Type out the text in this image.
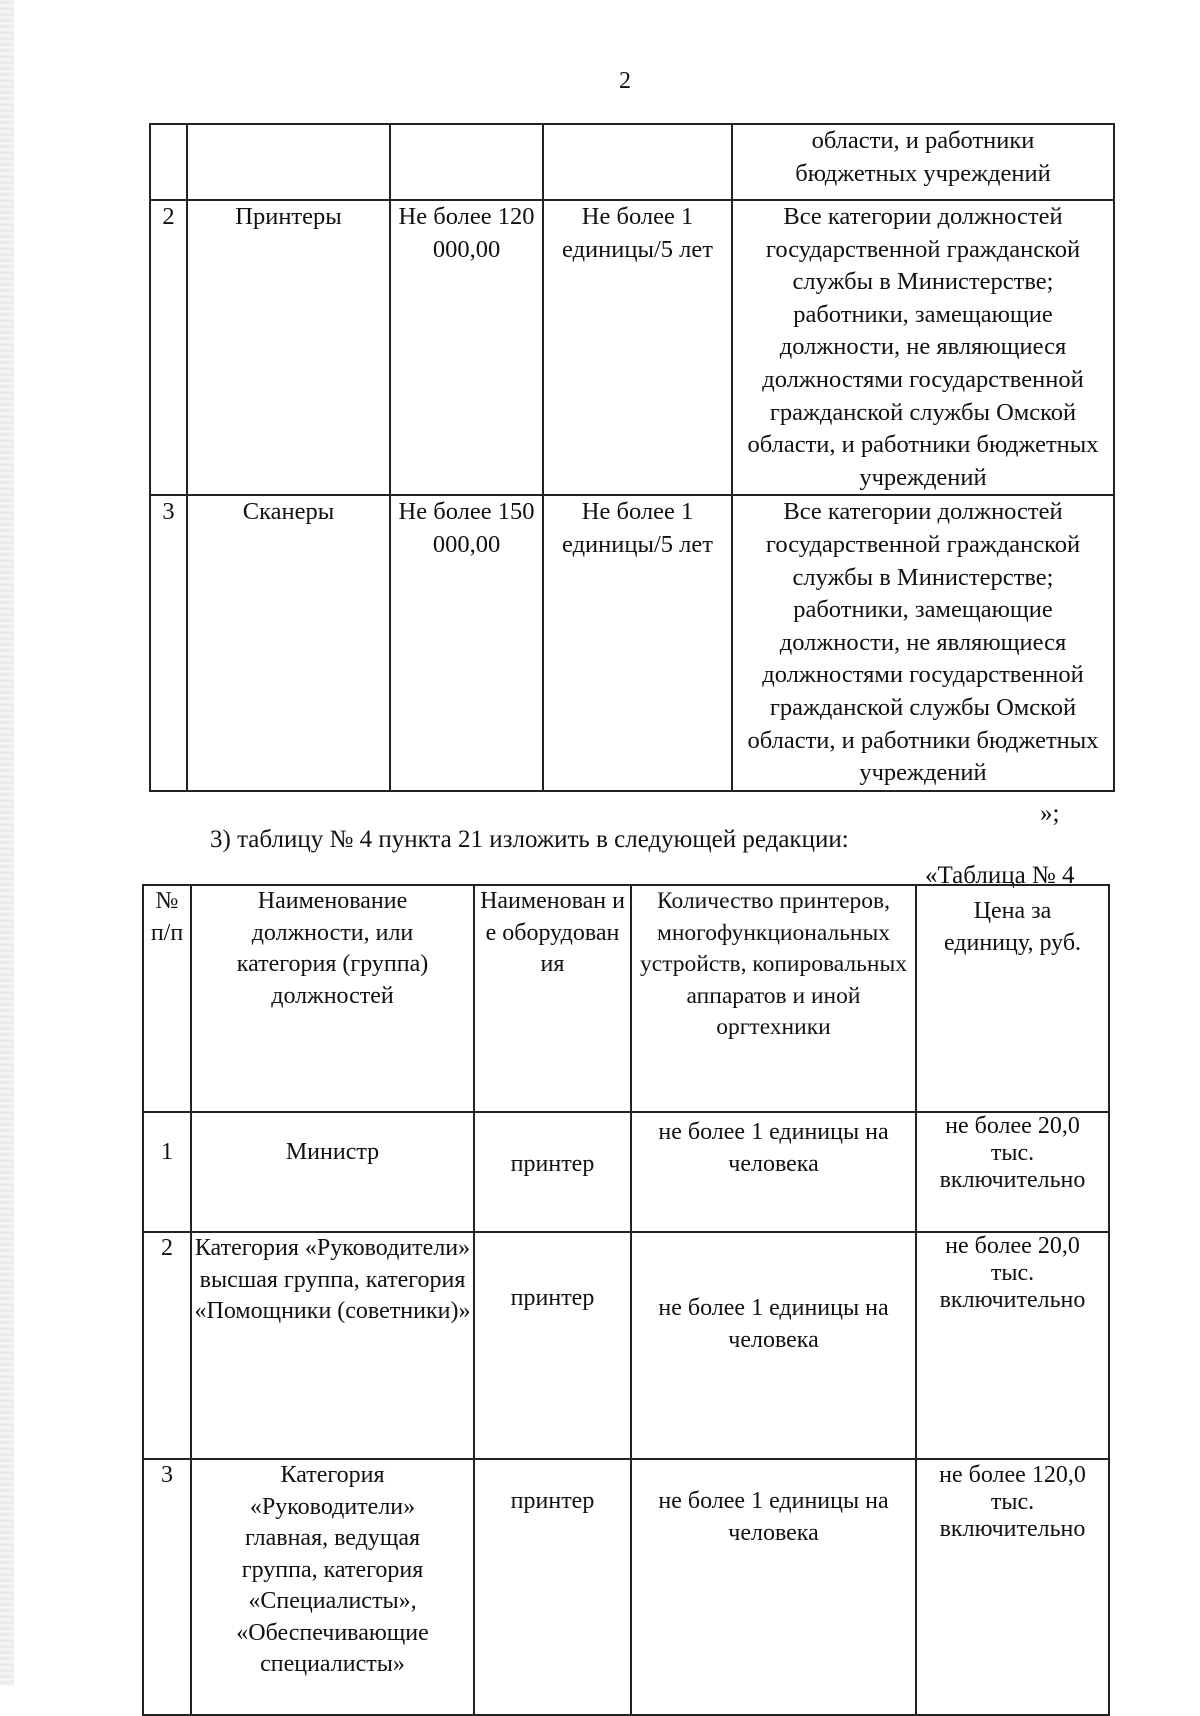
2
				области, и работники бюджетных учреждений
2	Принтеры	Не более 120 000,00	Не более 1 единицы/5 лет	Все категории должностей государственной гражданской службы в Министерстве; работники, замещающие должности, не являющиеся должностями государственной гражданской службы Омской области, и работники бюджетных учреждений
3	Сканеры	Не более 150 000,00	Не более 1 единицы/5 лет	Все категории должностей государственной гражданской службы в Министерстве; работники, замещающие должности, не являющиеся должностями государственной гражданской службы Омской области, и работники бюджетных учреждений
»;
3) таблицу № 4 пункта 21 изложить в следующей редакции:
«Таблица № 4
№ п/п	Наименование должности, или категория (группа) должностей	Наименован ие оборудован ия	Количество принтеров, многофункциональных устройств, копировальных аппаратов и иной оргтехники	Цена за единицу, руб.
1	Министр	принтер	не более 1 единицы на человека	не более 20,0 тыс. включительно
2	Категория «Руководители» высшая группа, категория «Помощники (советники)»	принтер	не более 1 единицы на человека	не более 20,0 тыс. включительно
3	Категория «Руководители» главная, ведущая группа, категория «Специалисты», «Обеспечивающие специалисты»	принтер	не более 1 единицы на человека	не более 120,0 тыс. включительно
